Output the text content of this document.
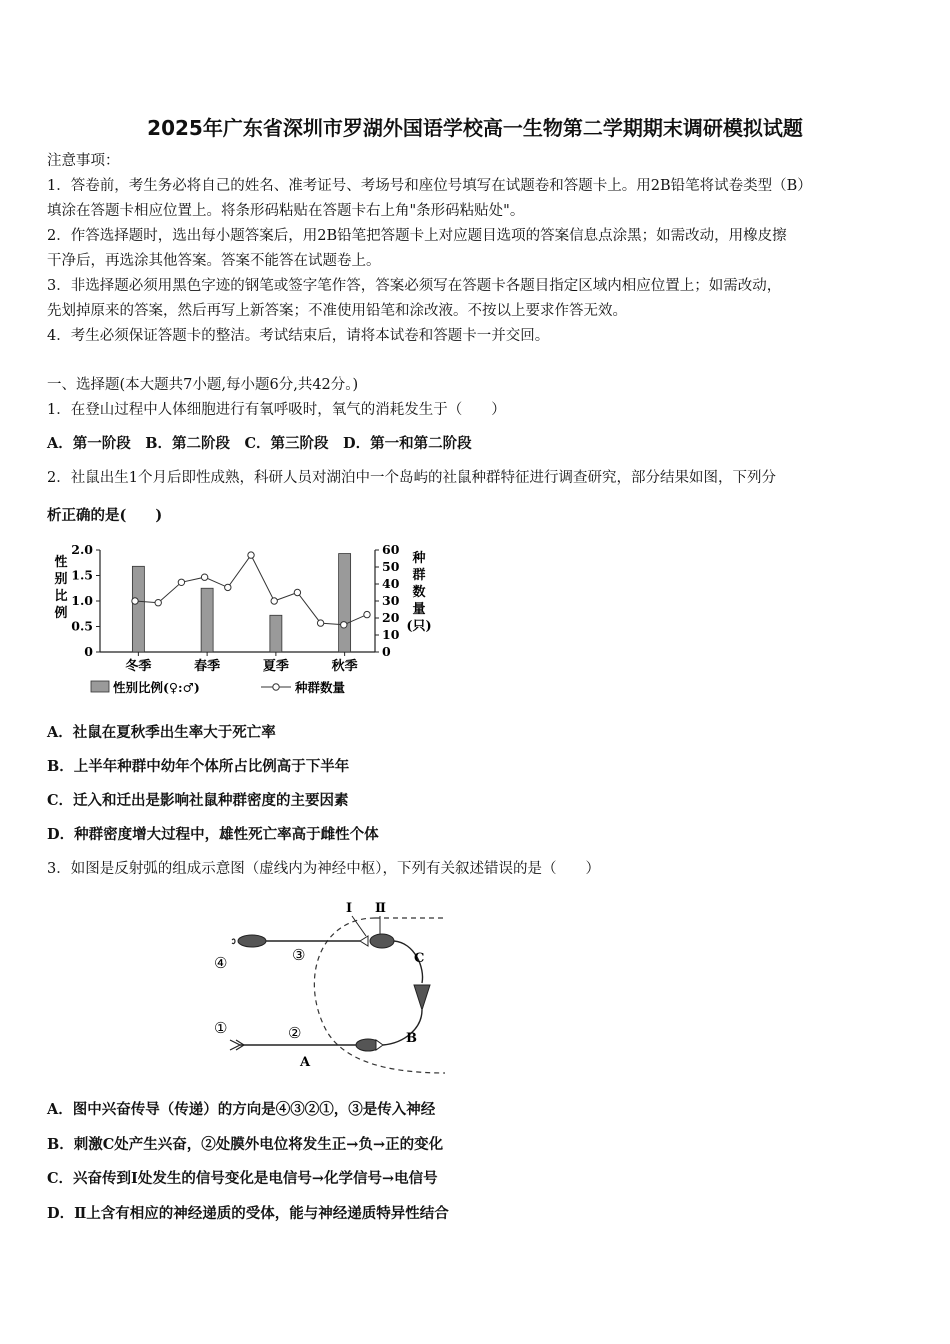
2025年广东省深圳市罗湖外国语学校高一生物第二学期期末调研模拟试题
注意事项：
1．答卷前，考生务必将自己的姓名、准考证号、考场号和座位号填写在试题卷和答题卡上。用2B铅笔将试卷类型（B）
填涂在答题卡相应位置上。将条形码粘贴在答题卡右上角"条形码粘贴处"。
2．作答选择题时，选出每小题答案后，用2B铅笔把答题卡上对应题目选项的答案信息点涂黑；如需改动，用橡皮擦
干净后，再选涂其他答案。答案不能答在试题卷上。
3．非选择题必须用黑色字迹的钢笔或签字笔作答，答案必须写在答题卡各题目指定区域内相应位置上；如需改动，
先划掉原来的答案，然后再写上新答案；不准使用铅笔和涂改液。不按以上要求作答无效。
4．考生必须保证答题卡的整洁。考试结束后，请将本试卷和答题卡一并交回。
一、选择题(本大题共7小题,每小题6分,共42分。)
1．在登山过程中人体细胞进行有氧呼吸时，氧气的消耗发生于（　　）
A．第一阶段　B．第二阶段　C．第三阶段　D．第一和第二阶段
2．社鼠出生1个月后即性成熟，科研人员对湖泊中一个岛屿的社鼠种群特征进行调查研究，部分结果如图，下列分
析正确的是(　　)
性别比例
种群数量(只)
0
0.5
1.0
1.5
2.0
0
10
20
30
40
50
60
冬季	春季	夏季	秋季
性别比例(♀:♂)	种群数量
A．社鼠在夏秋季出生率大于死亡率
B．上半年种群中幼年个体所占比例高于下半年
C．迁入和迁出是影响社鼠种群密度的主要因素
D．种群密度增大过程中，雄性死亡率高于雌性个体
3．如图是反射弧的组成示意图（虚线内为神经中枢），下列有关叙述错误的是（　　）
I Ⅱ
C
B
A
④	③
①	②
A．图中兴奋传导（传递）的方向是④③②①，③是传入神经
B．刺激C处产生兴奋，②处膜外电位将发生正→负→正的变化
C．兴奋传到Ⅰ处发生的信号变化是电信号→化学信号→电信号
D．Ⅱ上含有相应的神经递质的受体，能与神经递质特异性结合
